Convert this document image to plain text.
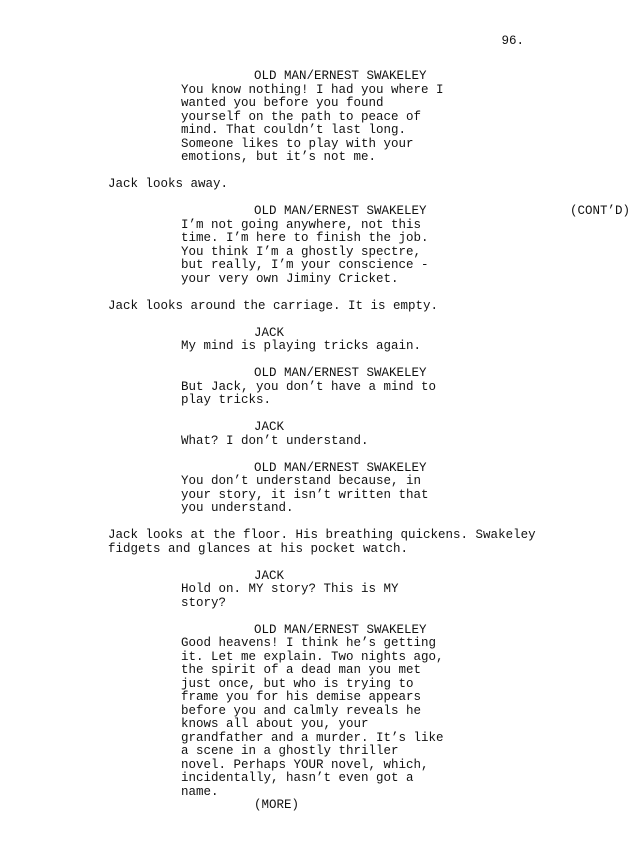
96.
OLD MAN/ERNEST SWAKELEY
You know nothing! I had you where I
wanted you before you found
yourself on the path to peace of
mind. That couldn’t last long.
Someone likes to play with your
emotions, but it’s not me.
Jack looks away.
OLD MAN/ERNEST SWAKELEY	(CONT’D)
I’m not going anywhere, not this
time. I’m here to finish the job.
You think I’m a ghostly spectre,
but really, I’m your conscience -
your very own Jiminy Cricket.
Jack looks around the carriage. It is empty.
JACK
My mind is playing tricks again.
OLD MAN/ERNEST SWAKELEY
But Jack, you don’t have a mind to
play tricks.
JACK
What? I don’t understand.
OLD MAN/ERNEST SWAKELEY
You don’t understand because, in
your story, it isn’t written that
you understand.
Jack looks at the floor. His breathing quickens. Swakeley
fidgets and glances at his pocket watch.
JACK
Hold on. MY story? This is MY
story?
OLD MAN/ERNEST SWAKELEY
Good heavens! I think he’s getting
it. Let me explain. Two nights ago,
the spirit of a dead man you met
just once, but who is trying to
frame you for his demise appears
before you and calmly reveals he
knows all about you, your
grandfather and a murder. It’s like
a scene in a ghostly thriller
novel. Perhaps YOUR novel, which,
incidentally, hasn’t even got a
name.
(MORE)
